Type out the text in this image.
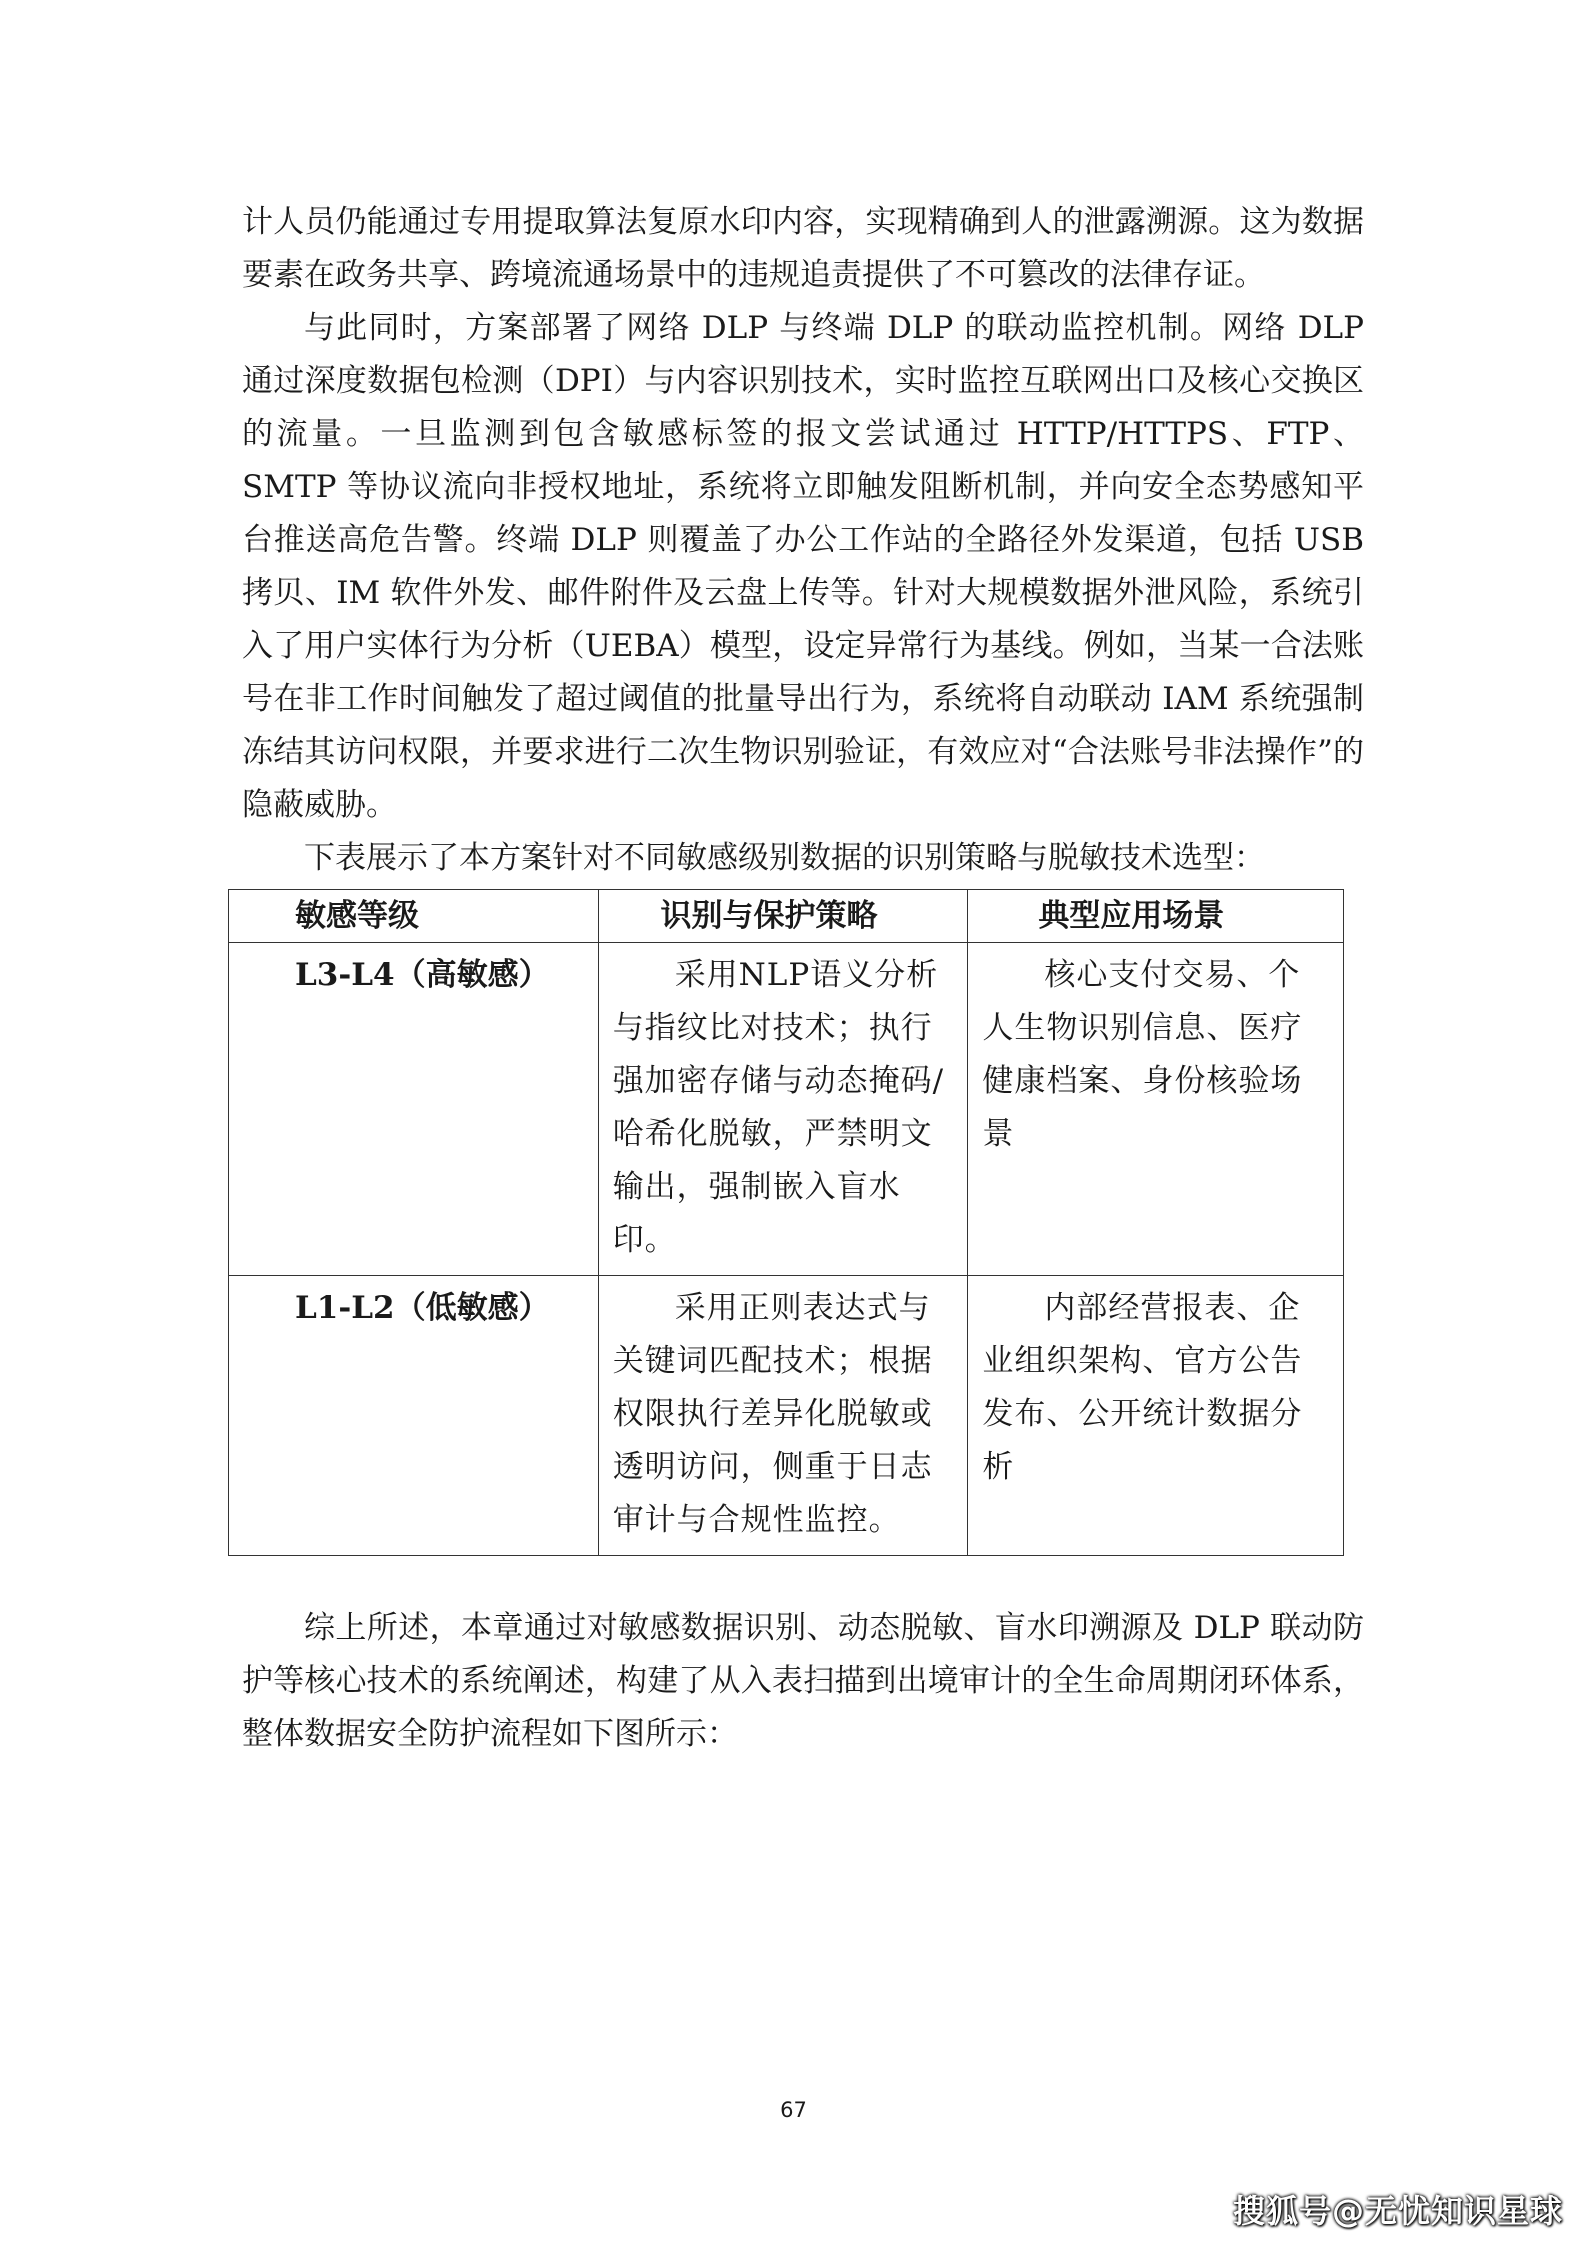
计人员仍能通过专用提取算法复原水印内容，实现精确到人的泄露溯源。这为数据要素在政务共享、跨境流通场景中的违规追责提供了不可篡改的法律存证。

与此同时，方案部署了网络 DLP 与终端 DLP 的联动监控机制。网络 DLP 通过深度数据包检测（DPI）与内容识别技术，实时监控互联网出口及核心交换区的流量。一旦监测到包含敏感标签的报文尝试通过 HTTP/HTTPS、FTP、SMTP 等协议流向非授权地址，系统将立即触发阻断机制，并向安全态势感知平台推送高危告警。终端 DLP 则覆盖了办公工作站的全路径外发渠道，包括 USB 拷贝、IM 软件外发、邮件附件及云盘上传等。针对大规模数据外泄风险，系统引入了用户实体行为分析（UEBA）模型，设定异常行为基线。例如，当某一合法账号在非工作时间触发了超过阈值的批量导出行为，系统将自动联动 IAM 系统强制冻结其访问权限，并要求进行二次生物识别验证，有效应对“合法账号非法操作”的隐蔽威胁。

下表展示了本方案针对不同敏感级别数据的识别策略与脱敏技术选型：

敏感等级	识别与保护策略	典型应用场景
L3-L4（高敏感）	采用NLP语义分析与指纹比对技术；执行强加密存储与动态掩码/哈希化脱敏，严禁明文输出，强制嵌入盲水印。	核心支付交易、个人生物识别信息、医疗健康档案、身份核验场景
L1-L2（低敏感）	采用正则表达式与关键词匹配技术；根据权限执行差异化脱敏或透明访问，侧重于日志审计与合规性监控。	内部经营报表、企业组织架构、官方公告发布、公开统计数据分析

综上所述，本章通过对敏感数据识别、动态脱敏、盲水印溯源及 DLP 联动防护等核心技术的系统阐述，构建了从入表扫描到出境审计的全生命周期闭环体系，整体数据安全防护流程如下图所示：

67
搜狐号@无忧知识星球
